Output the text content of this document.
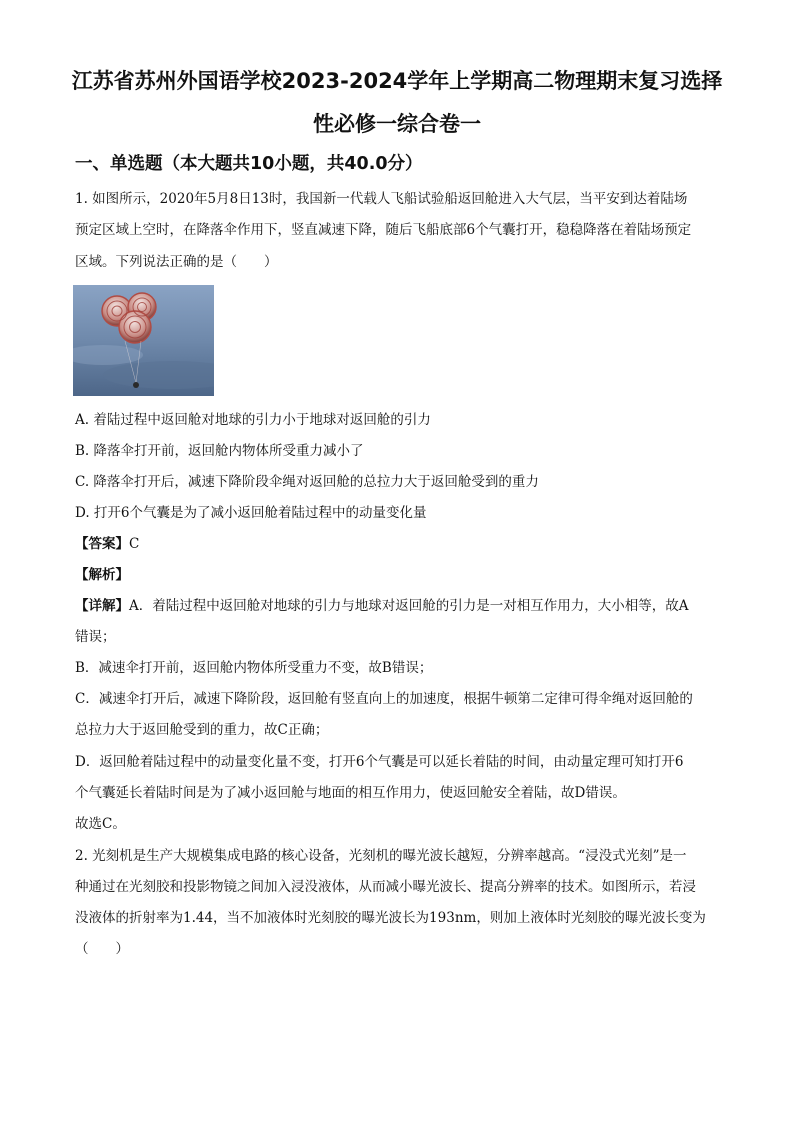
江苏省苏州外国语学校2023-2024学年上学期高二物理期末复习选择
性必修一综合卷一
一、单选题（本大题共10小题，共40.0分）
1. 如图所示，2020年5月8日13时，我国新一代载人飞船试验船返回舱进入大气层，当平安到达着陆场
预定区域上空时，在降落伞作用下，竖直减速下降，随后飞船底部6个气囊打开，稳稳降落在着陆场预定
区域。下列说法正确的是（　　）
A. 着陆过程中返回舱对地球的引力小于地球对返回舱的引力
B. 降落伞打开前，返回舱内物体所受重力减小了
C. 降落伞打开后，减速下降阶段伞绳对返回舱的总拉力大于返回舱受到的重力
D. 打开6个气囊是为了减小返回舱着陆过程中的动量变化量
【答案】C
【解析】
【详解】A．着陆过程中返回舱对地球的引力与地球对返回舱的引力是一对相互作用力，大小相等，故A
错误；
B．减速伞打开前，返回舱内物体所受重力不变，故B错误；
C．减速伞打开后，减速下降阶段，返回舱有竖直向上的加速度，根据牛顿第二定律可得伞绳对返回舱的
总拉力大于返回舱受到的重力，故C正确；
D．返回舱着陆过程中的动量变化量不变，打开6个气囊是可以延长着陆的时间，由动量定理可知打开6
个气囊延长着陆时间是为了减小返回舱与地面的相互作用力，使返回舱安全着陆，故D错误。
故选C。
2. 光刻机是生产大规模集成电路的核心设备，光刻机的曝光波长越短，分辨率越高。“浸没式光刻”是一
种通过在光刻胶和投影物镜之间加入浸没液体，从而减小曝光波长、提高分辨率的技术。如图所示，若浸
没液体的折射率为1.44，当不加液体时光刻胶的曝光波长为193nm，则加上液体时光刻胶的曝光波长变为
（　　）
